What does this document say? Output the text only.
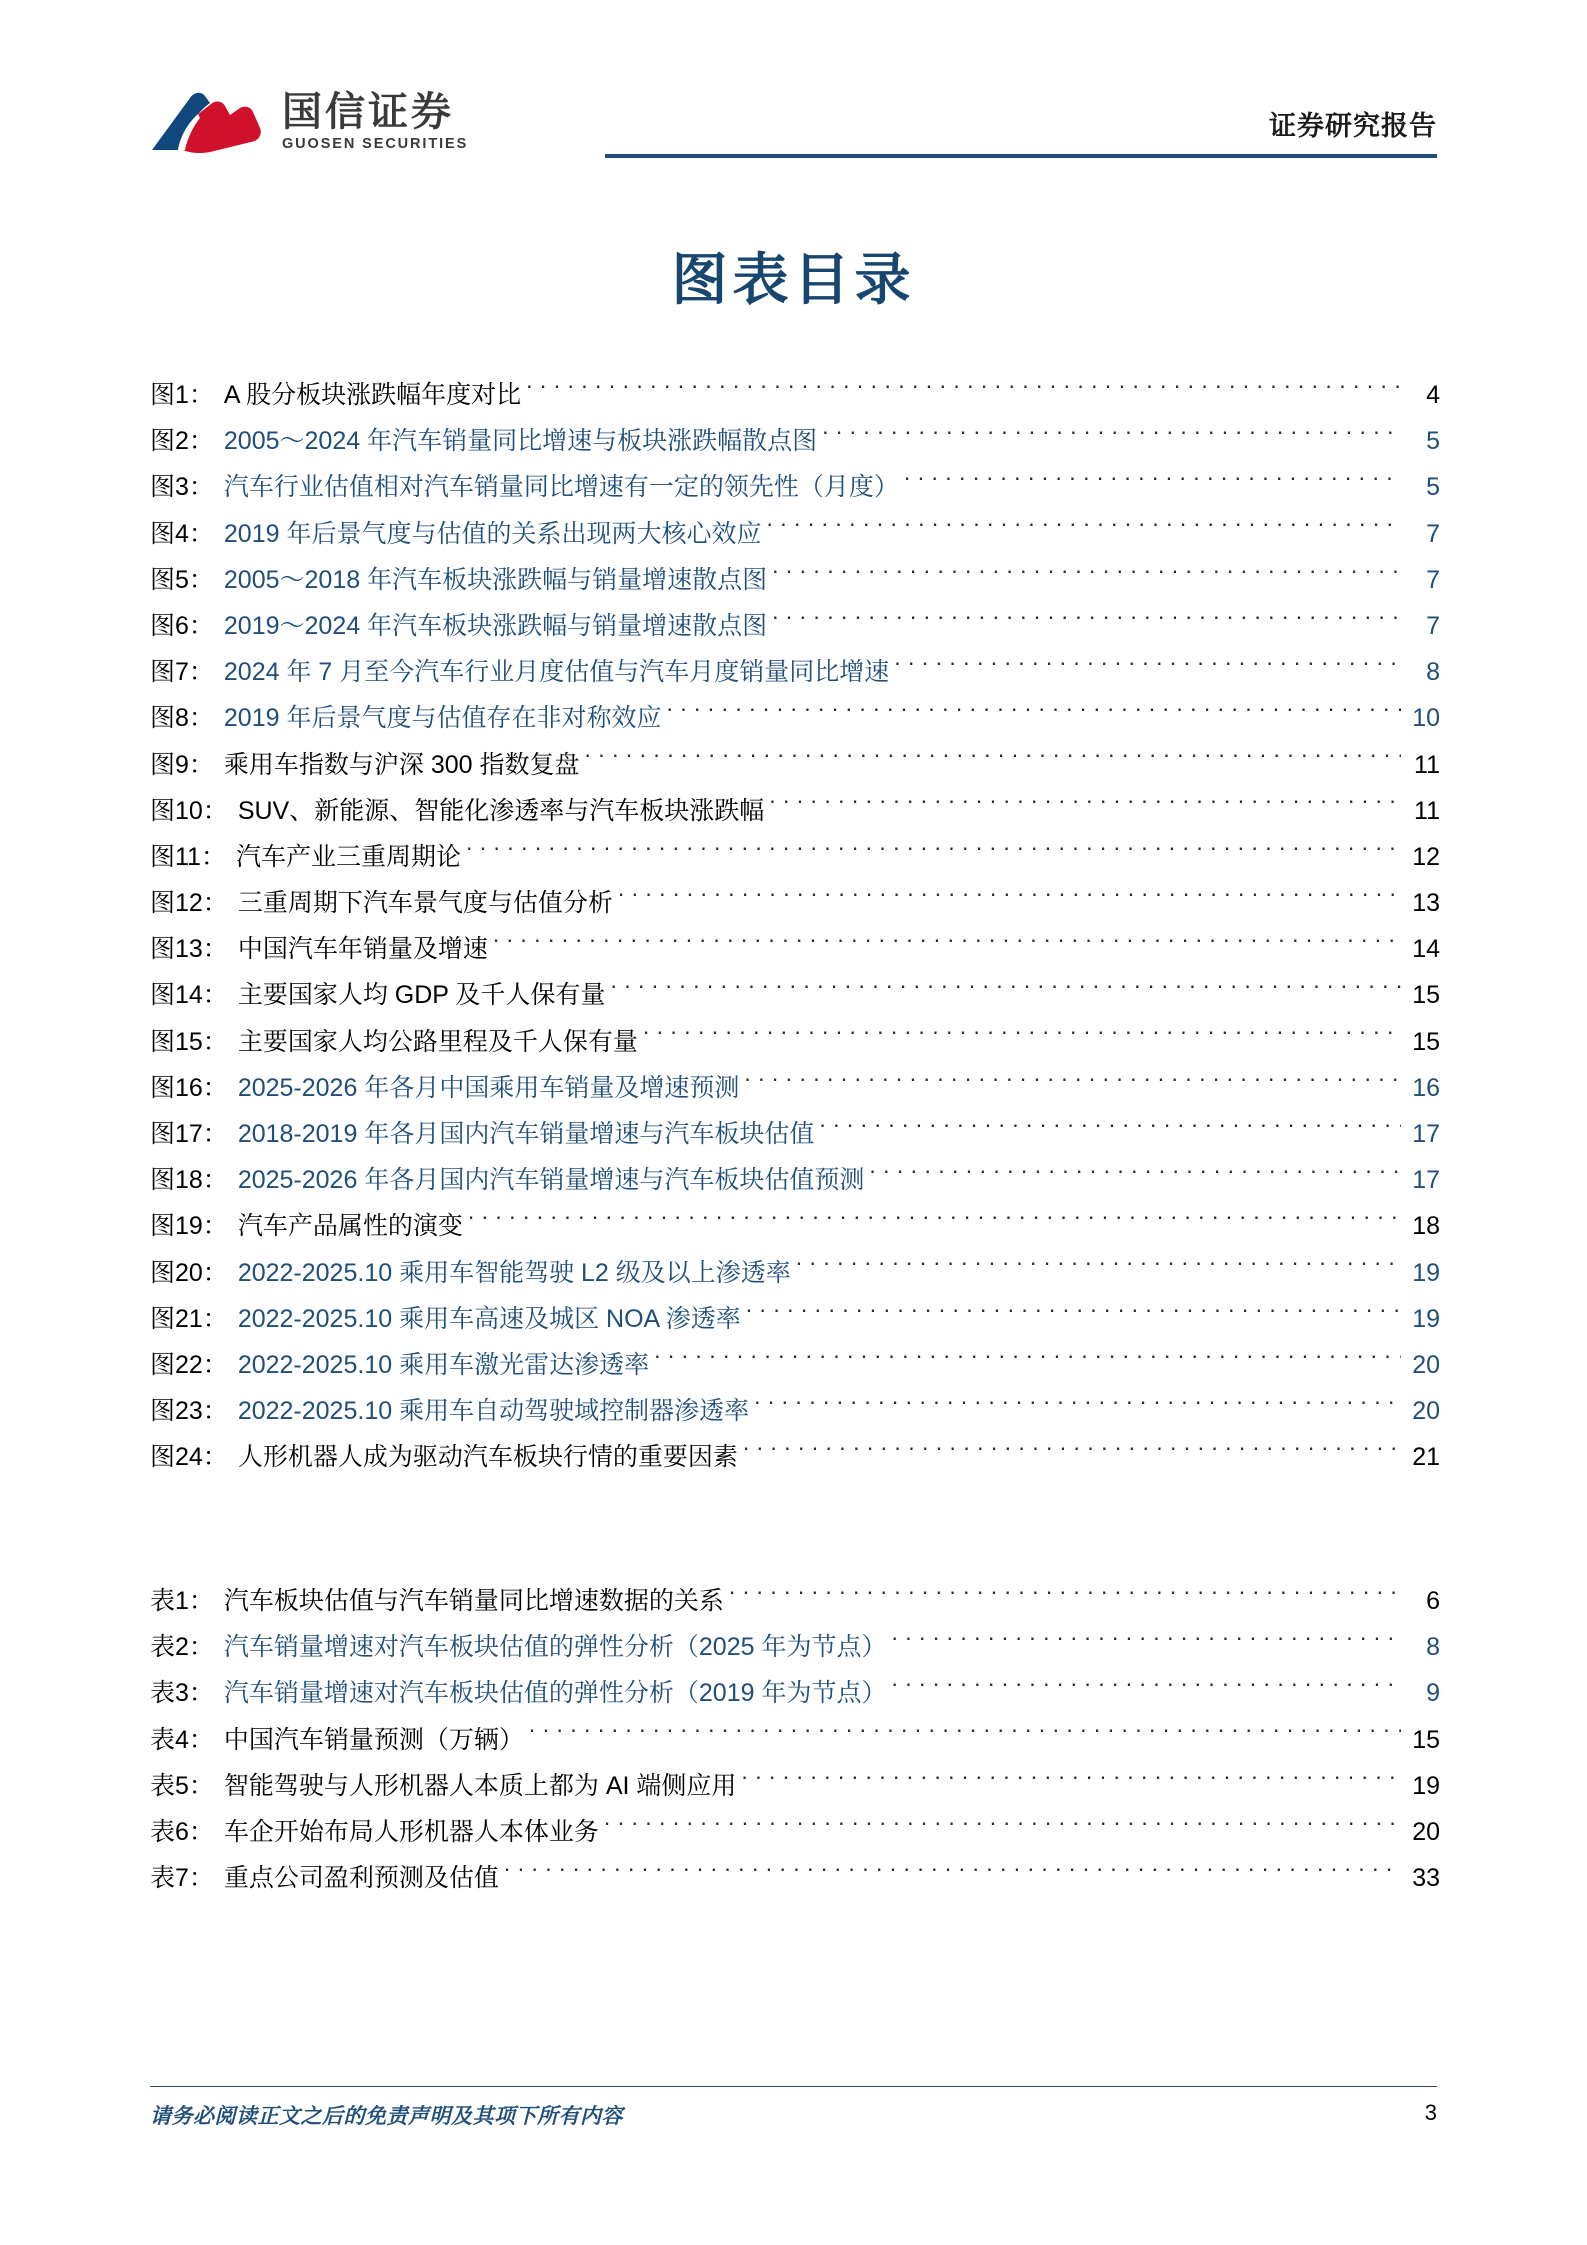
国信证券
GUOSEN SECURITIES
证券研究报告
图表目录
图1： A 股分板块涨跌幅年度对比 . . .	4
图2： 2005～2024 年汽车销量同比增速与板块涨跌幅散点图 . . .	5
图3： 汽车行业估值相对汽车销量同比增速有一定的领先性（月度） . . .	5
图4： 2019 年后景气度与估值的关系出现两大核心效应 . . .	7
图5： 2005～2018 年汽车板块涨跌幅与销量增速散点图 . . .	7
图6： 2019～2024 年汽车板块涨跌幅与销量增速散点图 . . .	7
图7： 2024 年 7 月至今汽车行业月度估值与汽车月度销量同比增速 . . .	8
图8： 2019 年后景气度与估值存在非对称效应 . . .	10
图9： 乘用车指数与沪深 300 指数复盘 . . .	11
图10： SUV、新能源、智能化渗透率与汽车板块涨跌幅 . . .	11
图11： 汽车产业三重周期论 . . .	12
图12： 三重周期下汽车景气度与估值分析 . . .	13
图13： 中国汽车年销量及增速 . . .	14
图14： 主要国家人均 GDP 及千人保有量 . . .	15
图15： 主要国家人均公路里程及千人保有量 . . .	15
图16： 2025-2026 年各月中国乘用车销量及增速预测 . . .	16
图17： 2018-2019 年各月国内汽车销量增速与汽车板块估值 . . .	17
图18： 2025-2026 年各月国内汽车销量增速与汽车板块估值预测 . . .	17
图19： 汽车产品属性的演变 . . .	18
图20： 2022-2025.10 乘用车智能驾驶 L2 级及以上渗透率 . . .	19
图21： 2022-2025.10 乘用车高速及城区 NOA 渗透率 . . .	19
图22： 2022-2025.10 乘用车激光雷达渗透率 . . .	20
图23： 2022-2025.10 乘用车自动驾驶域控制器渗透率 . . .	20
图24： 人形机器人成为驱动汽车板块行情的重要因素 . . .	21
表1： 汽车板块估值与汽车销量同比增速数据的关系 . . .	6
表2： 汽车销量增速对汽车板块估值的弹性分析（2025 年为节点） . . .	8
表3： 汽车销量增速对汽车板块估值的弹性分析（2019 年为节点） . . .	9
表4： 中国汽车销量预测（万辆） . . .	15
表5： 智能驾驶与人形机器人本质上都为 AI 端侧应用 . . .	19
表6： 车企开始布局人形机器人本体业务 . . .	20
表7： 重点公司盈利预测及估值 . . .	33
请务必阅读正文之后的免责声明及其项下所有内容	3
